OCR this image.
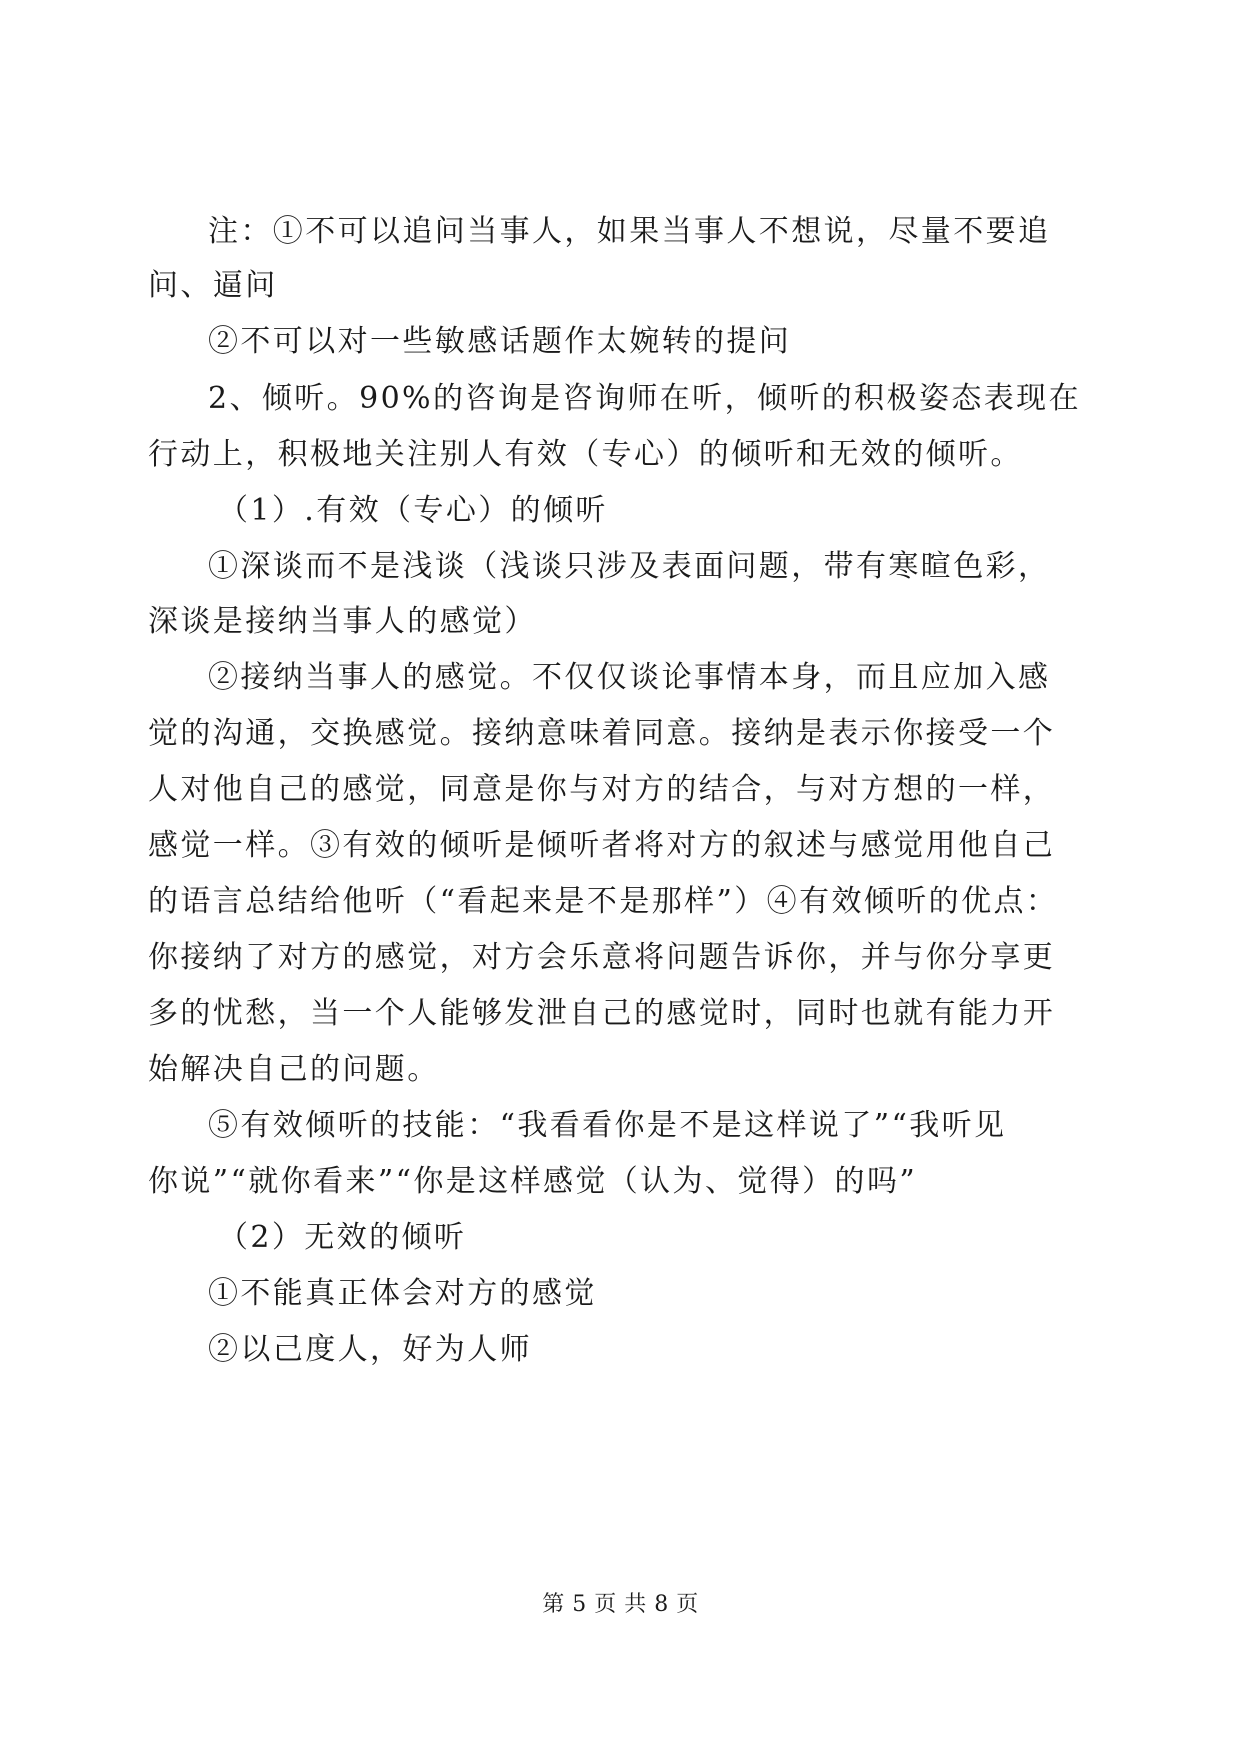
注：①不可以追问当事人，如果当事人不想说，尽量不要追
问、逼问
②不可以对一些敏感话题作太婉转的提问
2、倾听。90%的咨询是咨询师在听，倾听的积极姿态表现在
行动上，积极地关注别人有效（专心）的倾听和无效的倾听。
（1）.有效（专心）的倾听
①深谈而不是浅谈（浅谈只涉及表面问题，带有寒暄色彩，
深谈是接纳当事人的感觉）
②接纳当事人的感觉。不仅仅谈论事情本身，而且应加入感
觉的沟通，交换感觉。接纳意味着同意。接纳是表示你接受一个
人对他自己的感觉，同意是你与对方的结合，与对方想的一样，
感觉一样。③有效的倾听是倾听者将对方的叙述与感觉用他自己
的语言总结给他听（“看起来是不是那样”）④有效倾听的优点：
你接纳了对方的感觉，对方会乐意将问题告诉你，并与你分享更
多的忧愁，当一个人能够发泄自己的感觉时，同时也就有能力开
始解决自己的问题。
⑤有效倾听的技能：“我看看你是不是这样说了”“我听见
你说”“就你看来”“你是这样感觉（认为、觉得）的吗”
（2）无效的倾听
①不能真正体会对方的感觉
②以己度人，好为人师
第 5 页 共 8 页
